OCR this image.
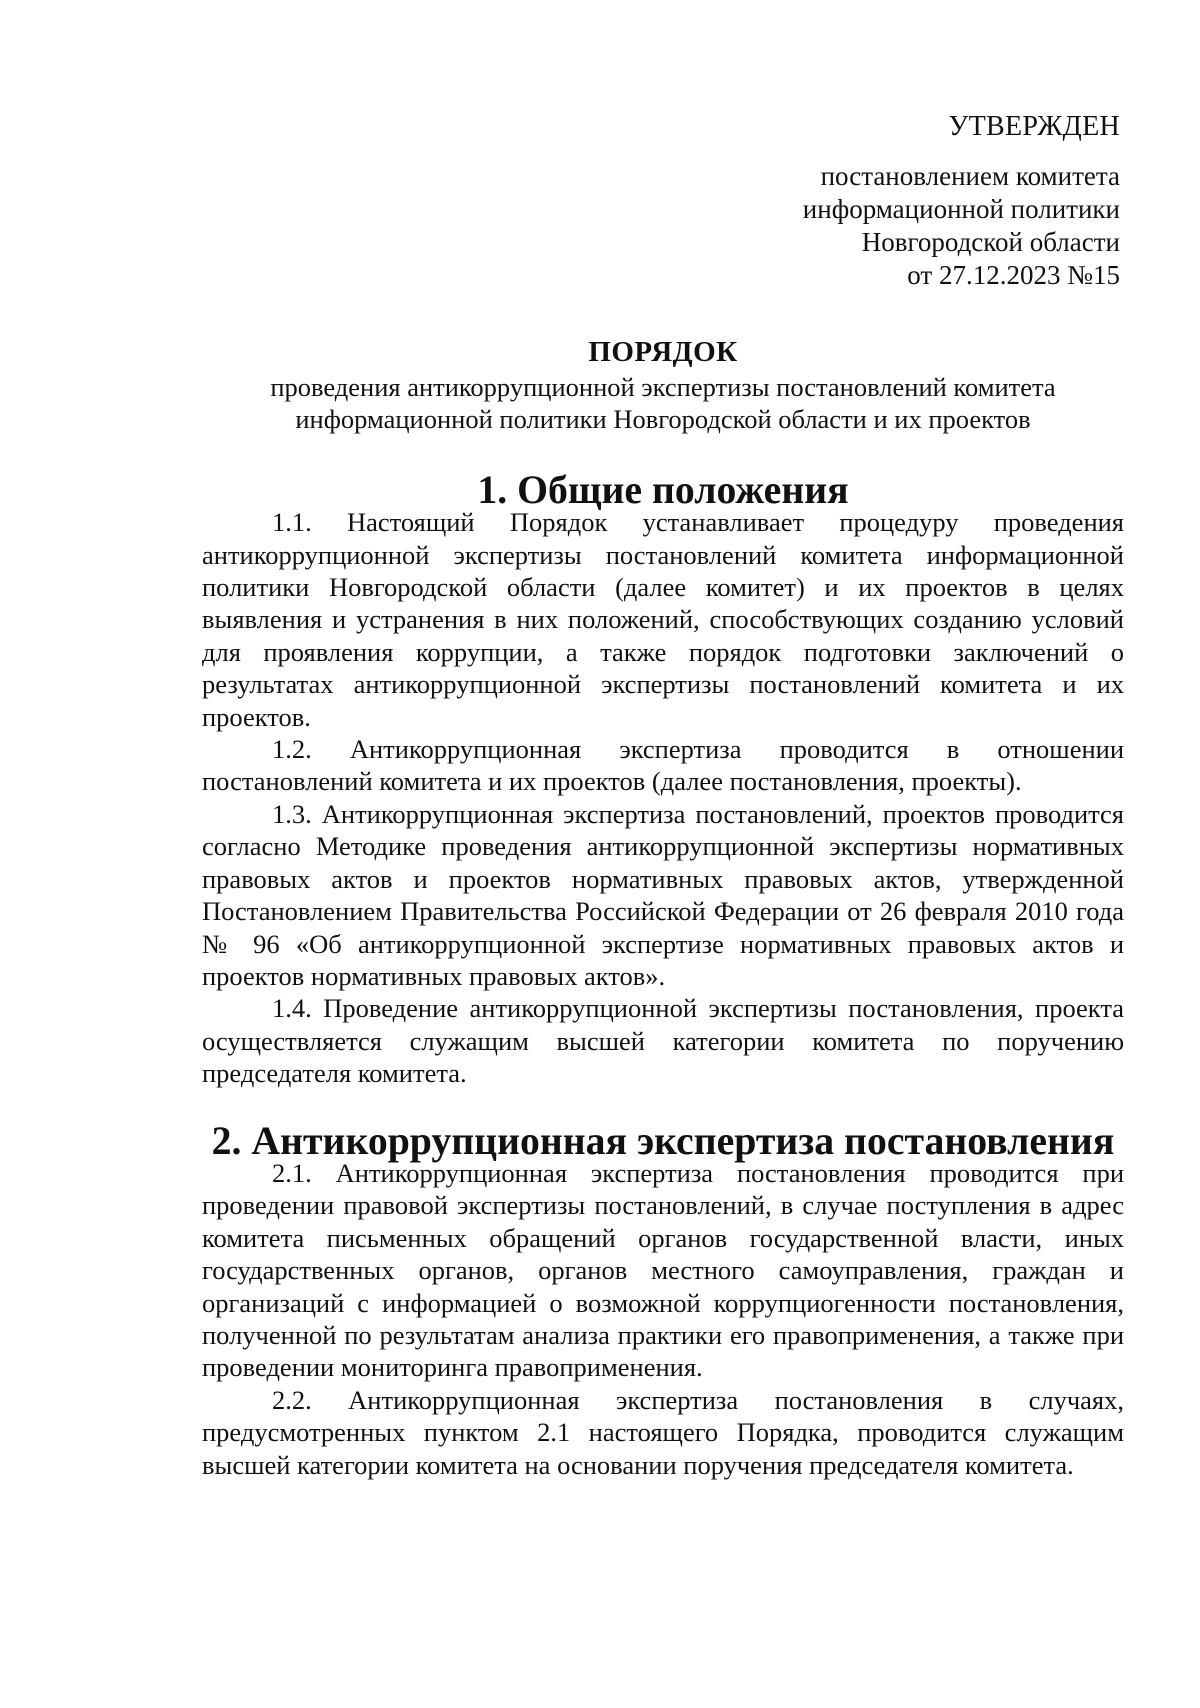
УТВЕРЖДЕН
постановлением комитета
информационной политики
Новгородской области
от 27.12.2023 №15
ПОРЯДОК
проведения антикоррупционной экспертизы постановлений комитета
информационной политики Новгородской области и их проектов
1. Общие положения

1.1. Настоящий Порядок устанавливает процедуру проведения антикоррупционной экспертизы постановлений комитета информационной политики Новгородской области (далее комитет) и их проектов в целях выявления и устранения в них положений, способствующих созданию условий для проявления коррупции, а также порядок подготовки заключений о результатах антикоррупционной экспертизы постановлений комитета и их проектов.

1.2. Антикоррупционная экспертиза проводится в отношении постановлений комитета и их проектов (далее постановления, проекты).

1.3. Антикоррупционная экспертиза постановлений, проектов проводится согласно Методике проведения антикоррупционной экспертизы нормативных правовых актов и проектов нормативных правовых актов, утвержденной Постановлением Правительства Российской Федерации от 26 февраля 2010 года № 96 «Об антикоррупционной экспертизе нормативных правовых актов и проектов нормативных правовых актов».

1.4. Проведение антикоррупционной экспертизы постановления, проекта осуществляется служащим высшей категории комитета по поручению председателя комитета.

2. Антикоррупционная экспертиза постановления

2.1. Антикоррупционная экспертиза постановления проводится при проведении правовой экспертизы постановлений, в случае поступления в адрес комитета письменных обращений органов государственной власти, иных государственных органов, органов местного самоуправления, граждан и организаций с информацией о возможной коррупциогенности постановления, полученной по результатам анализа практики его правоприменения, а также при проведении мониторинга правоприменения.

2.2. Антикоррупционная экспертиза постановления в случаях, предусмотренных пунктом 2.1 настоящего Порядка, проводится служащим высшей категории комитета на основании поручения председателя комитета.
